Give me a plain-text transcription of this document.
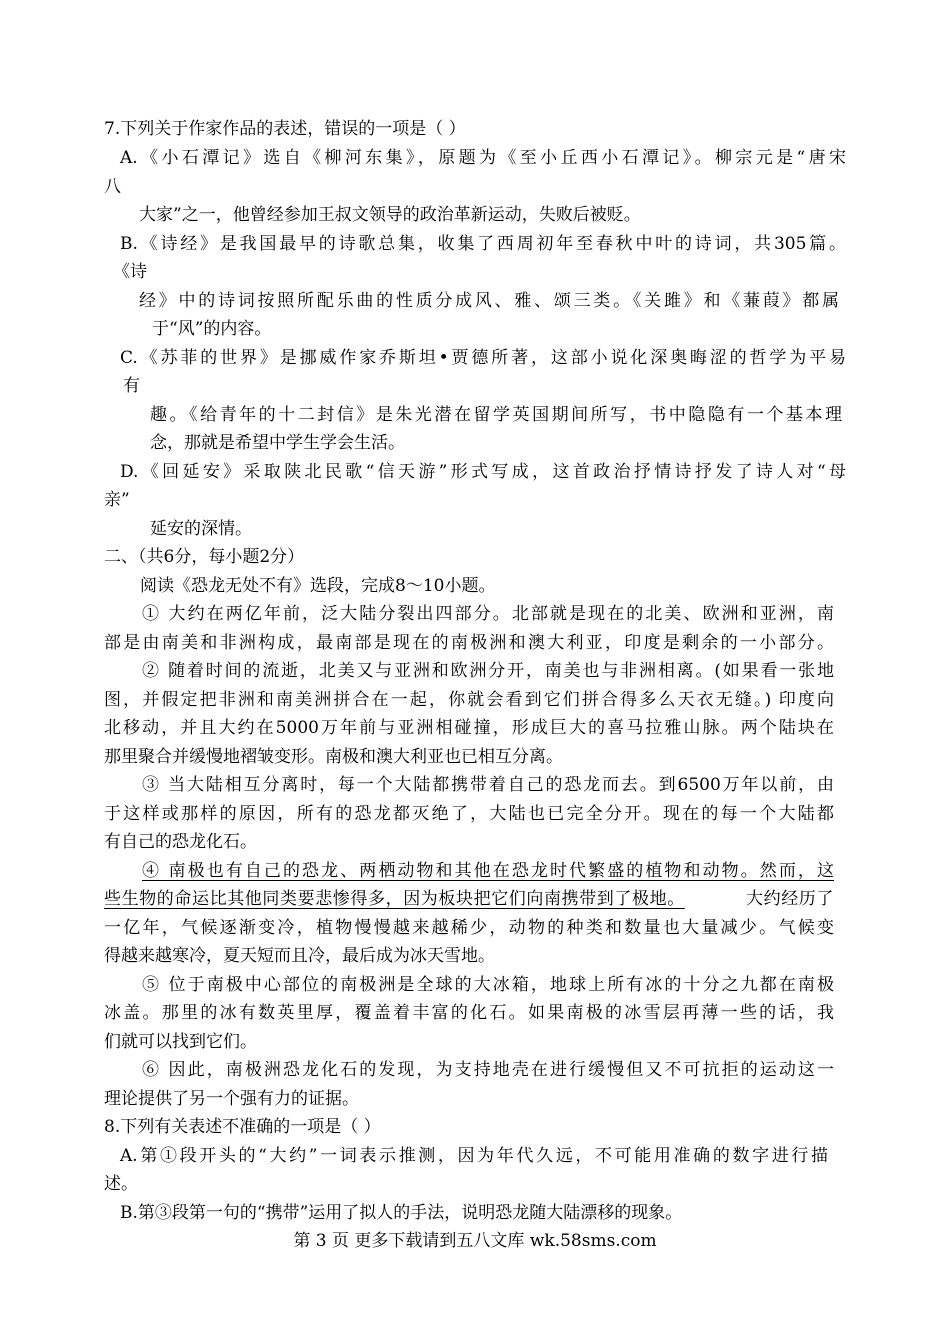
7.下列关于作家作品的表述，错误的一项是（ ）
A.《小石潭记》选自《柳河东集》，原题为《至小丘西小石潭记》。柳宗元是“唐宋
八
大家”之一，他曾经参加王叔文领导的政治革新运动，失败后被贬。
B.《诗经》是我国最早的诗歌总集，收集了西周初年至春秋中叶的诗词，共305篇。
《诗
经》中的诗词按照所配乐曲的性质分成风、雅、颂三类。《关雎》和《蒹葭》都属
于“风”的内容。
C.《苏菲的世界》是挪威作家乔斯坦•贾德所著，这部小说化深奥晦涩的哲学为平易
有
趣。《给青年的十二封信》是朱光潜在留学英国期间所写，书中隐隐有一个基本理
念，那就是希望中学生学会生活。
D.《回延安》采取陕北民歌“信天游”形式写成，这首政治抒情诗抒发了诗人对“母
亲”
延安的深情。
二、（共6分，每小题2分）
阅读《恐龙无处不有》选段，完成8～10小题。
① 大约在两亿年前，泛大陆分裂出四部分。北部就是现在的北美、欧洲和亚洲，南
部是由南美和非洲构成，最南部是现在的南极洲和澳大利亚，印度是剩余的一小部分。
② 随着时间的流逝，北美又与亚洲和欧洲分开，南美也与非洲相离。(如果看一张地
图，并假定把非洲和南美洲拼合在一起，你就会看到它们拼合得多么天衣无缝。) 印度向
北移动，并且大约在5000万年前与亚洲相碰撞，形成巨大的喜马拉雅山脉。两个陆块在
那里聚合并缓慢地褶皱变形。南极和澳大利亚也已相互分离。
③ 当大陆相互分离时，每一个大陆都携带着自己的恐龙而去。到6500万年以前，由
于这样或那样的原因，所有的恐龙都灭绝了，大陆也已完全分开。现在的每一个大陆都
有自己的恐龙化石。
④ 南极也有自己的恐龙、两栖动物和其他在恐龙时代繁盛的植物和动物。然而，这
些生物的命运比其他同类要悲惨得多，因为板块把它们向南携带到了极地。	大约经历了
一亿年，气候逐渐变冷，植物慢慢越来越稀少，动物的种类和数量也大量减少。气候变
得越来越寒冷，夏天短而且冷，最后成为冰天雪地。
⑤ 位于南极中心部位的南极洲是全球的大冰箱，地球上所有冰的十分之九都在南极
冰盖。那里的冰有数英里厚，覆盖着丰富的化石。如果南极的冰雪层再薄一些的话，我
们就可以找到它们。
⑥ 因此，南极洲恐龙化石的发现，为支持地壳在进行缓慢但又不可抗拒的运动这一
理论提供了另一个强有力的证据。
8.下列有关表述不准确的一项是（ ）
A.第①段开头的“大约”一词表示推测，因为年代久远，不可能用准确的数字进行描
述。
B.第③段第一句的“携带”运用了拟人的手法，说明恐龙随大陆漂移的现象。
第 3 页 更多下载请到五八文库 wk.58sms.com
